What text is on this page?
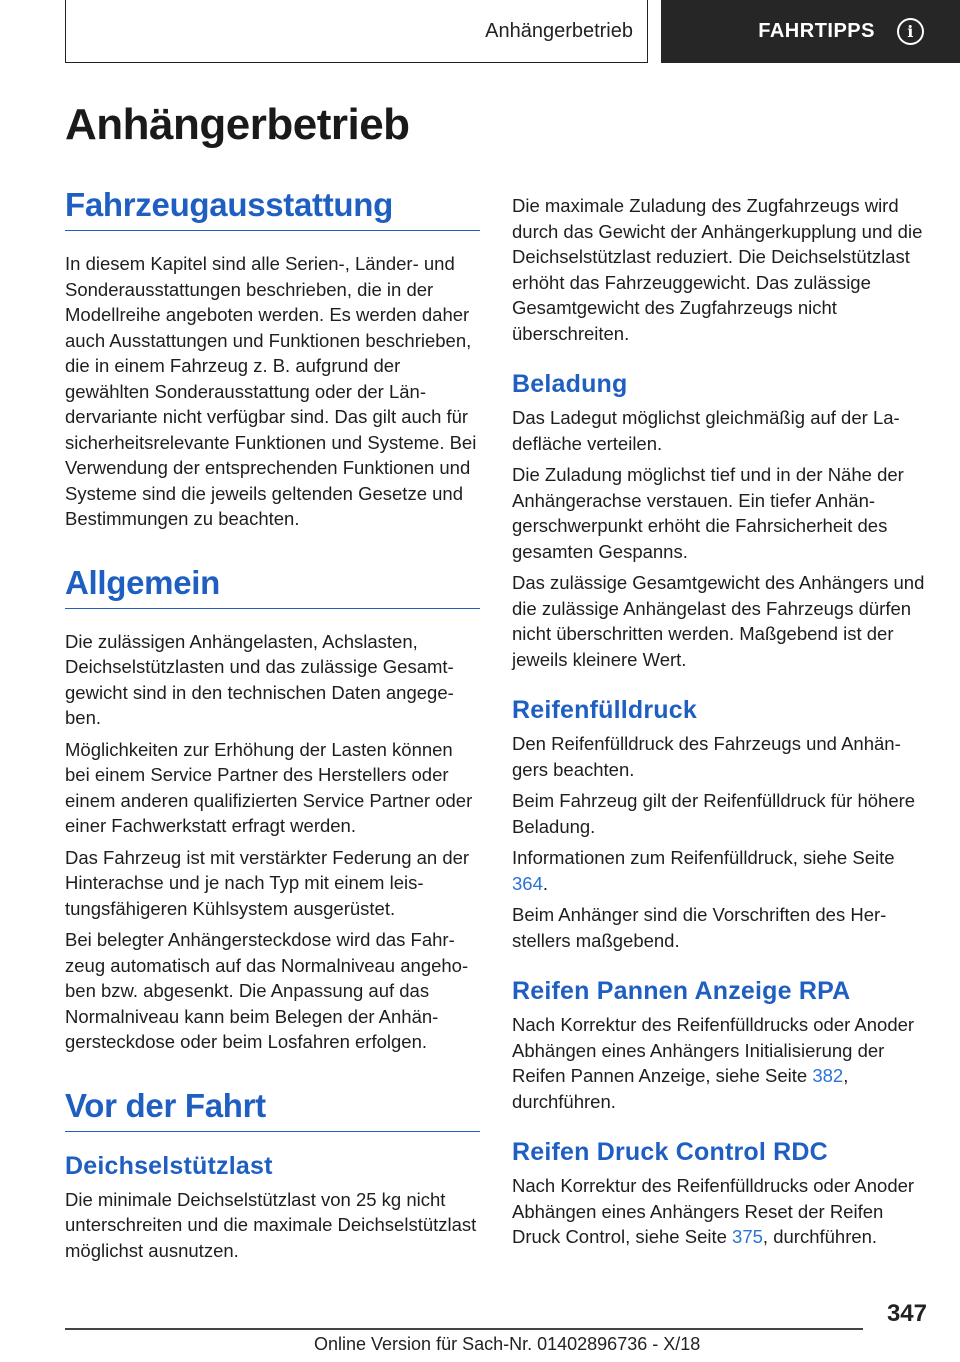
Anhängerbetrieb	FAHRTIPPS	i
Anhängerbetrieb
Fahrzeugausstattung

In diesem Kapitel sind alle Serien-, Länder- und Sonderausstattungen beschrieben, die in der Modellreihe angeboten werden. Es werden daher auch Ausstattungen und Funktionen beschrieben, die in einem Fahrzeug z. B. aufgrund der gewählten Sonderausstattung oder der Ländervariante nicht verfügbar sind. Das gilt auch für sicherheitsrelevante Funktionen und Systeme. Bei Verwendung der entsprechenden Funktionen und Systeme sind die jeweils geltenden Gesetze und Bestimmungen zu beachten.

Allgemein

Die zulässigen Anhängelasten, Achslasten, Deichselstützlasten und das zulässige Gesamtgewicht sind in den technischen Daten angegeben.

Möglichkeiten zur Erhöhung der Lasten können bei einem Service Partner des Herstellers oder einem anderen qualifizierten Service Partner oder einer Fachwerkstatt erfragt werden.

Das Fahrzeug ist mit verstärkter Federung an der Hinterachse und je nach Typ mit einem leistungsfähigeren Kühlsystem ausgerüstet.

Bei belegter Anhängersteckdose wird das Fahrzeug automatisch auf das Normalniveau angehoben bzw. abgesenkt. Die Anpassung auf das Normalniveau kann beim Belegen der Anhängersteckdose oder beim Losfahren erfolgen.

Vor der Fahrt
Deichselstützlast

Die minimale Deichselstützlast von 25 kg nicht unterschreiten und die maximale Deichselstützlast möglichst ausnutzen.

Die maximale Zuladung des Zugfahrzeugs wird durch das Gewicht der Anhängerkupplung und die Deichselstützlast reduziert. Die Deichselstützlast erhöht das Fahrzeuggewicht. Das zulässige Gesamtgewicht des Zugfahrzeugs nicht überschreiten.

Beladung

Das Ladegut möglichst gleichmäßig auf der Ladefläche verteilen.

Die Zuladung möglichst tief und in der Nähe der Anhängerachse verstauen. Ein tiefer Anhängerschwerpunkt erhöht die Fahrsicherheit des gesamten Gespanns.

Das zulässige Gesamtgewicht des Anhängers und die zulässige Anhängelast des Fahrzeugs dürfen nicht überschritten werden. Maßgebend ist der jeweils kleinere Wert.

Reifenfülldruck

Den Reifenfülldruck des Fahrzeugs und Anhängers beachten.

Beim Fahrzeug gilt der Reifenfülldruck für höhere Beladung.

Informationen zum Reifenfülldruck, siehe Seite 364.

Beim Anhänger sind die Vorschriften des Herstellers maßgebend.

Reifen Pannen Anzeige RPA

Nach Korrektur des Reifenfülldrucks oder Anoder Abhängen eines Anhängers Initialisierung der Reifen Pannen Anzeige, siehe Seite 382, durchführen.

Reifen Druck Control RDC

Nach Korrektur des Reifenfülldrucks oder Anoder Abhängen eines Anhängers Reset der Reifen Druck Control, siehe Seite 375, durchführen.

347
Online Version für Sach-Nr. 01402896736 - X/18
